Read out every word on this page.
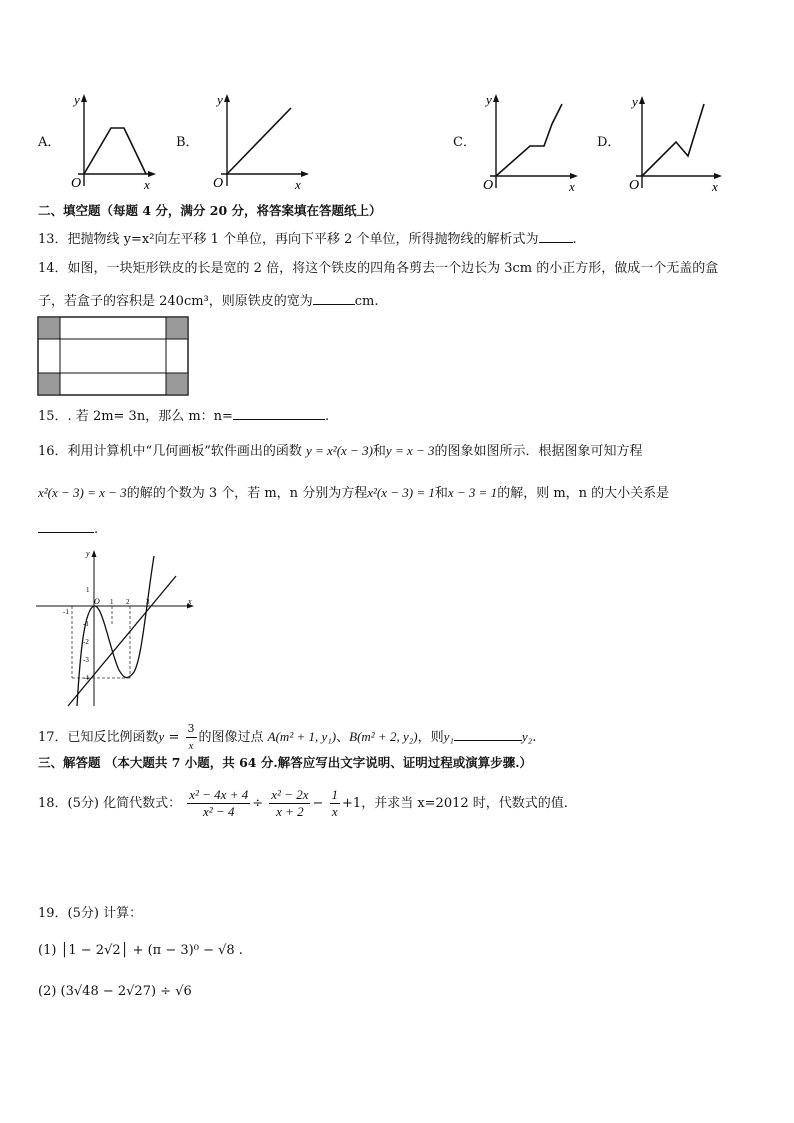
A．
y
O	x
B．
y
O	x
C．
y
O	x
D．
y
O	x
二、填空题（每题 4 分，满分 20 分，将答案填在答题纸上）
13．把抛物线 y=x²向左平移 1 个单位，再向下平移 2 个单位，所得抛物线的解析式为	.
14．如图，一块矩形铁皮的长是宽的 2 倍，将这个铁皮的四角各剪去一个边长为 3cm 的小正方形，做成一个无盖的盒
子，若盒子的容积是 240cm³，则原铁皮的宽为	cm.
15．. 若 2m= 3n，那么 m：n=	.
16．利用计算机中“几何画板”软件画出的函数 y = x²(x − 3)和y = x − 3的图象如图所示．根据图象可知方程
x²(x − 3) = x − 3的解的个数为 3 个，若 m，n 分别为方程x²(x − 3) = 1和x − 3 = 1的解，则 m，n 的大小关系是
.
y
x
O
-1
1 2 3
1
-1
-2
-3
-4
17．已知反比例函数$y = \frac{3}{x}$ 的图像过点 A(m² + 1, y₁)、B(m² + 2, y₂)，则y₁	y₂.
三、解答题 （本大题共 7 小题，共 64 分.解答应写出文字说明、证明过程或演算步骤.）
18．(5分) 化简代数式： $\frac{\text{x² − 4x + 4}}{\text{x² − 4}} \div \frac{\text{x² − 2x}}{x + 2} - \frac{1}{x} +1$，并求当 x=2012 时，代数式的值.
19．(5分) 计算：
(1) │1 − 2√2│ + (π − 3)⁰ − √8 .
(2) (3√48 − 2√27) ÷ √6
